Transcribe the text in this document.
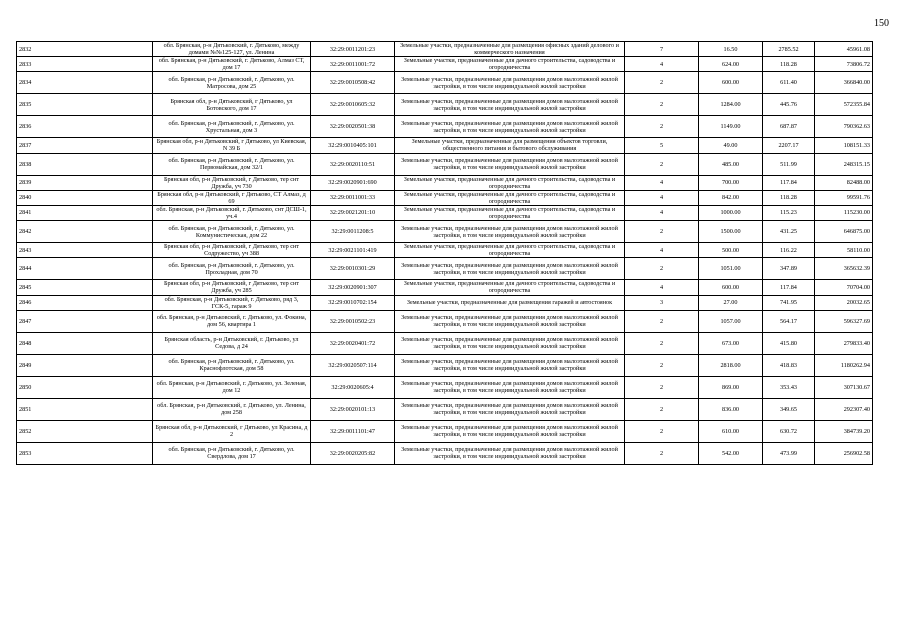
150
2832	обл. Брянская, р-н Дятьковский, г. Дятьково, между домами №№125-127, ул. Ленина	32:29:0011201:23	Земельные участки, предназначенные для размещения офисных зданий делового и коммерческого назначения	7	16.50	2785.52	45961.08
2833	обл. Брянская, р-н Дятьковский, г. Дятьково, Алмаз СТ, дом 17	32:29:0011001:72	Земельные участки, предназначенные для дачного строительства, садоводства и огородничества	4	624.00	118.28	73806.72
2834	обл. Брянская, р-н Дятьковский, г. Дятьково, ул. Матросова, дом 25	32:29:0010508:42	Земельные участки, предназначенные для размещения домов малоэтажной жилой застройки, в том числе индивидуальной жилой застройки	2	600.00	611.40	366840.00
2835	Брянская обл, р-н Дятьковский, г Дятьково, ул Ботовского, дом 17	32:29:0010605:32	Земельные участки, предназначенные для размещения домов малоэтажной жилой застройки, в том числе индивидуальной жилой застройки	2	1284.00	445.76	572355.84
2836	обл. Брянская, р-н Дятьковский, г. Дятьково, ул. Хрустальная, дом 3	32:29:0020501:38	Земельные участки, предназначенные для размещения домов малоэтажной жилой застройки, в том числе индивидуальной жилой застройки	2	1149.00	687.87	790362.63
2837	Брянская обл, р-н Дятьковский, г Дятьково, ул Киевская, N 39 Б	32:29:0010405:101	Земельные участки, предназначенные для размещения объектов торговли, общественного питания и бытового обслуживания	5	49.00	2207.17	108151.33
2838	обл. Брянская, р-н Дятьковский, г. Дятьково, ул. Первомайская, дом 32/1	32:29:0020110:51	Земельные участки, предназначенные для размещения домов малоэтажной жилой застройки, в том числе индивидуальной жилой застройки	2	485.00	511.99	248315.15
2839	Брянская обл, р-н Дятьковский, г Дятьково, тер снт Дружба, уч 730	32:29:0020901:690	Земельные участки, предназначенные для дачного строительства, садоводства и огородничества	4	700.00	117.84	82488.00
2840	Брянская обл, р-н Дятьковский, г Дятьково, СТ Алмаз, д 69	32:29:0011001:33	Земельные участки, предназначенные для дачного строительства, садоводства и огородничества	4	842.00	118.28	99591.76
2841	обл. Брянская, р-н Дятьковский, г. Дятьково, снт ДСШ-1, уч.4	32:29:0021201:10	Земельные участки, предназначенные для дачного строительства, садоводства и огородничества	4	1000.00	115.23	115230.00
2842	обл. Брянская, р-н Дятьковский, г. Дятьково, ул. Коммунистическая, дом 22	32:29:0011208:5	Земельные участки, предназначенные для размещения домов малоэтажной жилой застройки, в том числе индивидуальной жилой застройки	2	1500.00	431.25	646875.00
2843	Брянская обл, р-н Дятьковский, г Дятьково, тер снт Содружество, уч 388	32:29:0021101:419	Земельные участки, предназначенные для дачного строительства, садоводства и огородничества	4	500.00	116.22	58110.00
2844	обл. Брянская, р-н Дятьковский, г. Дятьково, ул. Прохладная, дом 70	32:29:0010301:29	Земельные участки, предназначенные для размещения домов малоэтажной жилой застройки, в том числе индивидуальной жилой застройки	2	1051.00	347.89	365632.39
2845	Брянская обл, р-н Дятьковский, г Дятьково, тер снт Дружба, уч 285	32:29:0020901:307	Земельные участки, предназначенные для дачного строительства, садоводства и огородничества	4	600.00	117.84	70704.00
2846	обл. Брянская, р-н Дятьковский, г. Дятьково, ряд 3, ГСК-5, гараж 9	32:29:0010702:154	Земельные участки, предназначенные для размещения гаражей и автостоянок	3	27.00	741.95	20032.65
2847	обл. Брянская, р-н Дятьковский, г. Дятьково, ул. Фокина, дом 56, квартира 1	32:29:0010502:23	Земельные участки, предназначенные для размещения домов малоэтажной жилой застройки, в том числе индивидуальной жилой застройки	2	1057.00	564.17	596327.69
2848	Брянская область, р-н Дятьковский, г. Дятьково, ул Седова, д 24	32:29:0020401:72	Земельные участки, предназначенные для размещения домов малоэтажной жилой застройки, в том числе индивидуальной жилой застройки	2	673.00	415.80	279833.40
2849	обл. Брянская, р-н Дятьковский, г. Дятьково, ул. Краснофлотская, дом 58	32:29:0020507:114	Земельные участки, предназначенные для размещения домов малоэтажной жилой застройки, в том числе индивидуальной жилой застройки	2	2818.00	418.83	1180262.94
2850	обл. Брянская, р-н Дятьковский, г. Дятьково, ул. Зеленая, дом 12	32:29:0020605:4	Земельные участки, предназначенные для размещения домов малоэтажной жилой застройки, в том числе индивидуальной жилой застройки	2	869.00	353.43	307130.67
2851	обл. Брянская, р-н Дятьковский, г. Дятьково, ул. Ленина, дом 258	32:29:0020101:13	Земельные участки, предназначенные для размещения домов малоэтажной жилой застройки, в том числе индивидуальной жилой застройки	2	836.00	349.65	292307.40
2852	Брянская обл, р-н Дятьковский, г Дятьково, ул Красина, д 2	32:29:0011101:47	Земельные участки, предназначенные для размещения домов малоэтажной жилой застройки, в том числе индивидуальной жилой застройки	2	610.00	630.72	384739.20
2853	обл. Брянская, р-н Дятьковский, г. Дятьково, ул. Свердлова, дом 17	32:29:0020205:82	Земельные участки, предназначенные для размещения домов малоэтажной жилой застройки, в том числе индивидуальной жилой застройки	2	542.00	473.99	256902.58
